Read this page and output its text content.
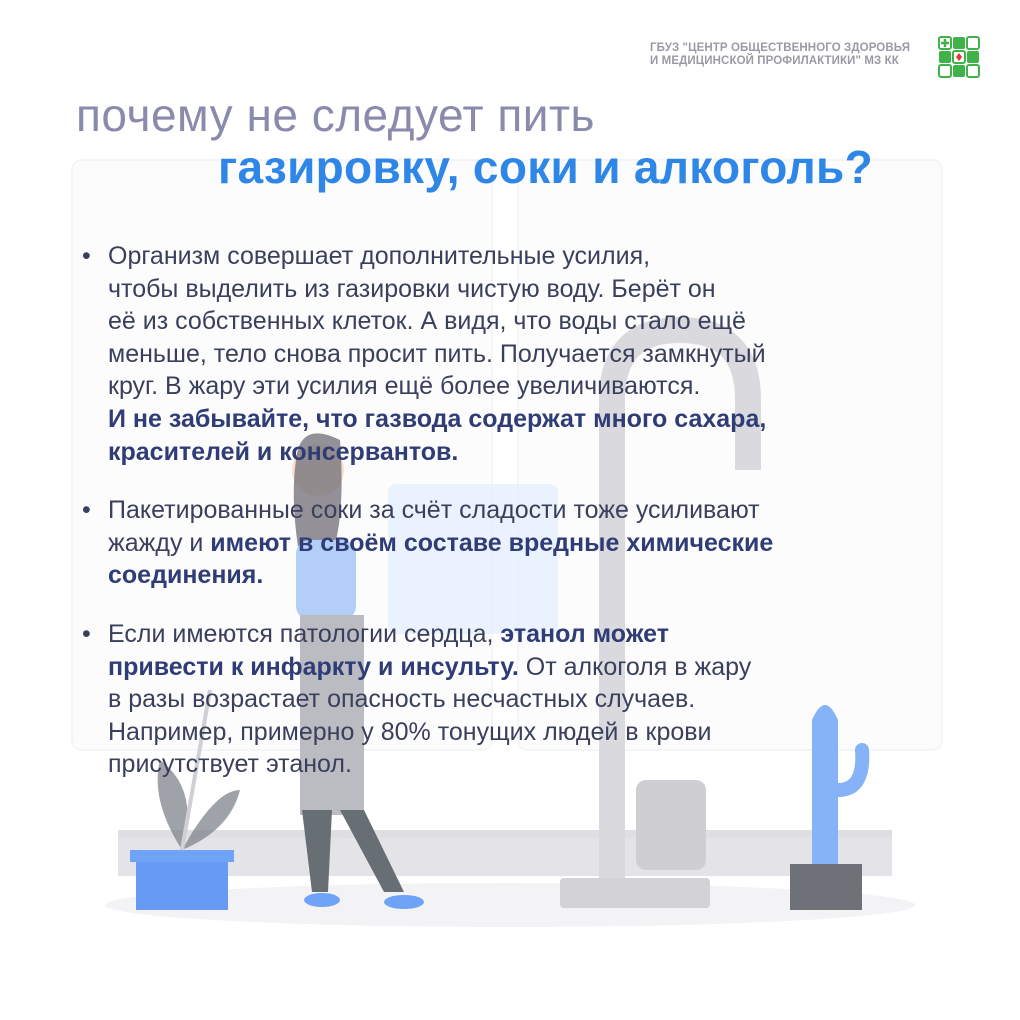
ГБУЗ "ЦЕНТР ОБЩЕСТВЕННОГО ЗДОРОВЬЯ
И МЕДИЦИНСКОЙ ПРОФИЛАКТИКИ" МЗ КК
почему не следует пить
газировку, соки и алкоголь?
• Организм совершает дополнительные усилия,
чтобы выделить из газировки чистую воду. Берёт он
её из собственных клеток. А видя, что воды стало ещё
меньше, тело снова просит пить. Получается замкнутый
круг. В жару эти усилия ещё более увеличиваются.
И не забывайте, что газвода содержат много сахара,
красителей и консервантов.
• Пакетированные соки за счёт сладости тоже усиливают
жажду и имеют в своём составе вредные химические
соединения.
• Если имеются патологии сердца, этанол может
привести к инфаркту и инсульту. От алкоголя в жару
в разы возрастает опасность несчастных случаев.
Например, примерно у 80% тонущих людей в крови
присутствует этанол.
